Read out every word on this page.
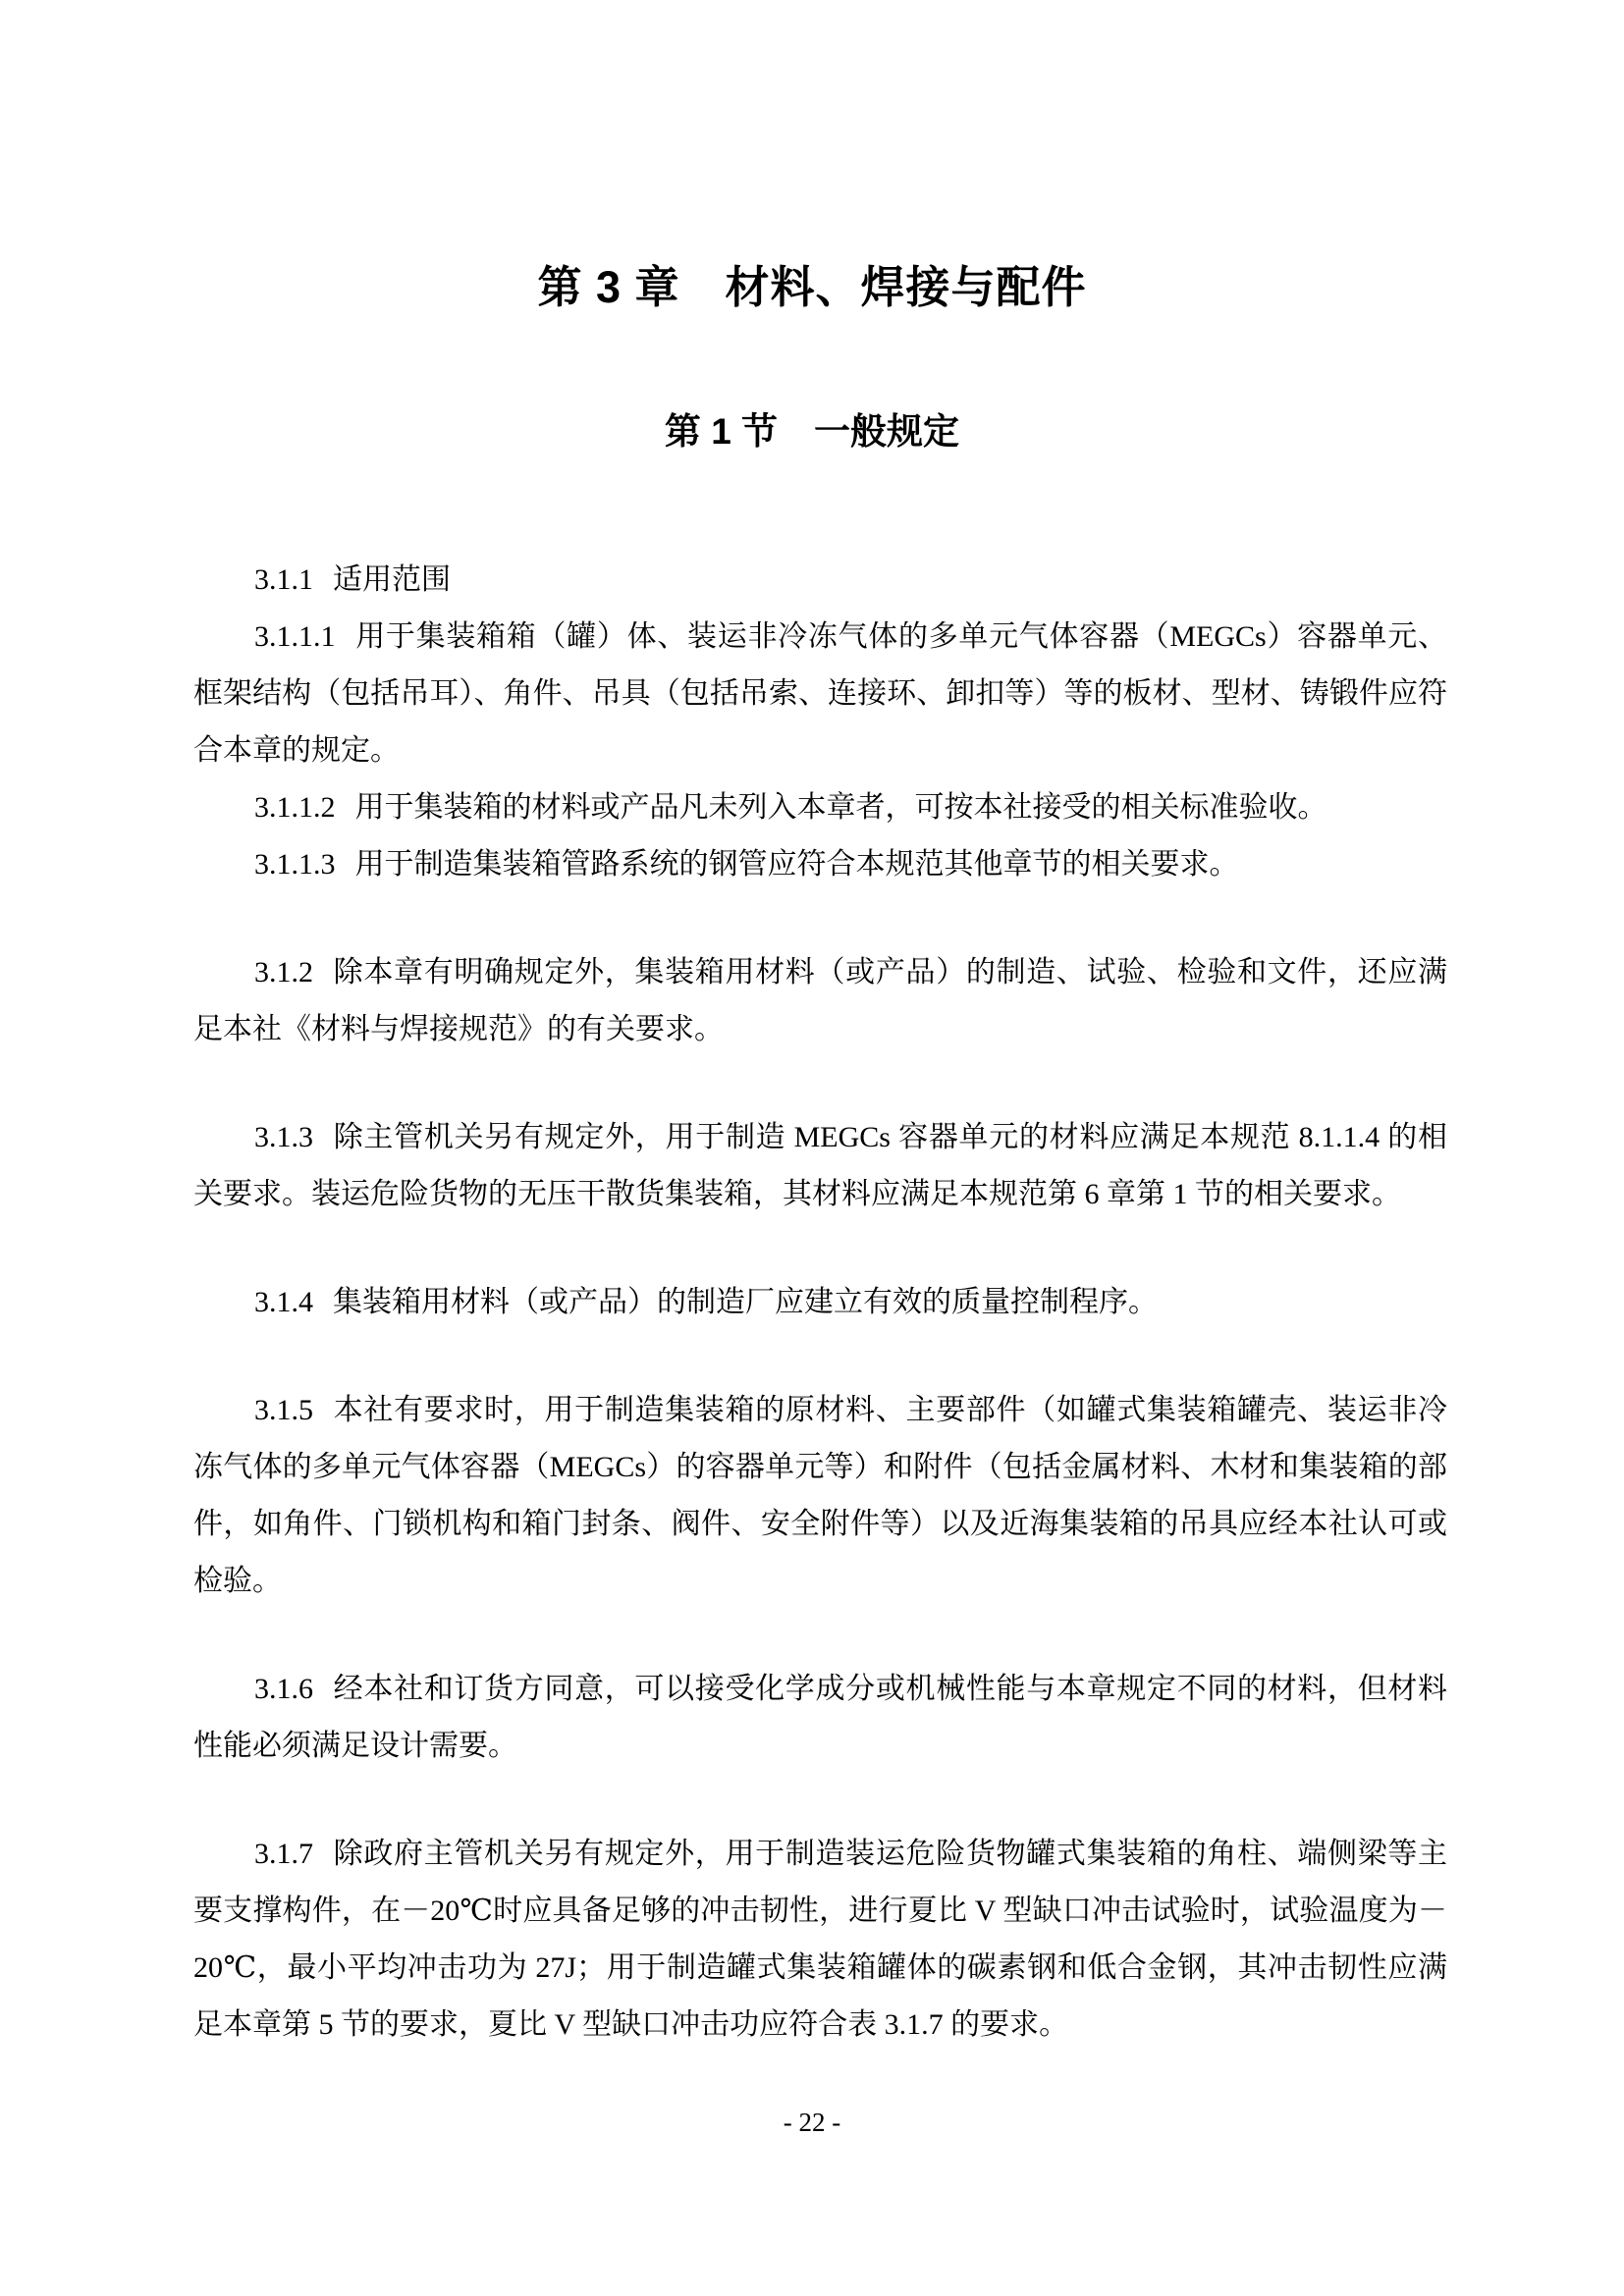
第 3 章　材料、焊接与配件
第 1 节　一般规定

3.1.1 适用范围

3.1.1.1 用于集装箱箱（罐）体、装运非冷冻气体的多单元气体容器（MEGCs）容器单元、框架结构（包括吊耳）、角件、吊具（包括吊索、连接环、卸扣等）等的板材、型材、铸锻件应符合本章的规定。

3.1.1.2 用于集装箱的材料或产品凡未列入本章者，可按本社接受的相关标准验收。

3.1.1.3 用于制造集装箱管路系统的钢管应符合本规范其他章节的相关要求。

3.1.2 除本章有明确规定外，集装箱用材料（或产品）的制造、试验、检验和文件，还应满足本社《材料与焊接规范》的有关要求。

3.1.3 除主管机关另有规定外，用于制造 MEGCs 容器单元的材料应满足本规范 8.1.1.4 的相关要求。装运危险货物的无压干散货集装箱，其材料应满足本规范第 6 章第 1 节的相关要求。

3.1.4 集装箱用材料（或产品）的制造厂应建立有效的质量控制程序。

3.1.5 本社有要求时，用于制造集装箱的原材料、主要部件（如罐式集装箱罐壳、装运非冷冻气体的多单元气体容器（MEGCs）的容器单元等）和附件（包括金属材料、木材和集装箱的部件，如角件、门锁机构和箱门封条、阀件、安全附件等）以及近海集装箱的吊具应经本社认可或检验。

3.1.6 经本社和订货方同意，可以接受化学成分或机械性能与本章规定不同的材料，但材料性能必须满足设计需要。

3.1.7 除政府主管机关另有规定外，用于制造装运危险货物罐式集装箱的角柱、端侧梁等主要支撑构件，在－20℃时应具备足够的冲击韧性，进行夏比 V 型缺口冲击试验时，试验温度为－20℃，最小平均冲击功为 27J；用于制造罐式集装箱罐体的碳素钢和低合金钢，其冲击韧性应满足本章第 5 节的要求，夏比 V 型缺口冲击功应符合表 3.1.7 的要求。

- 22 -
